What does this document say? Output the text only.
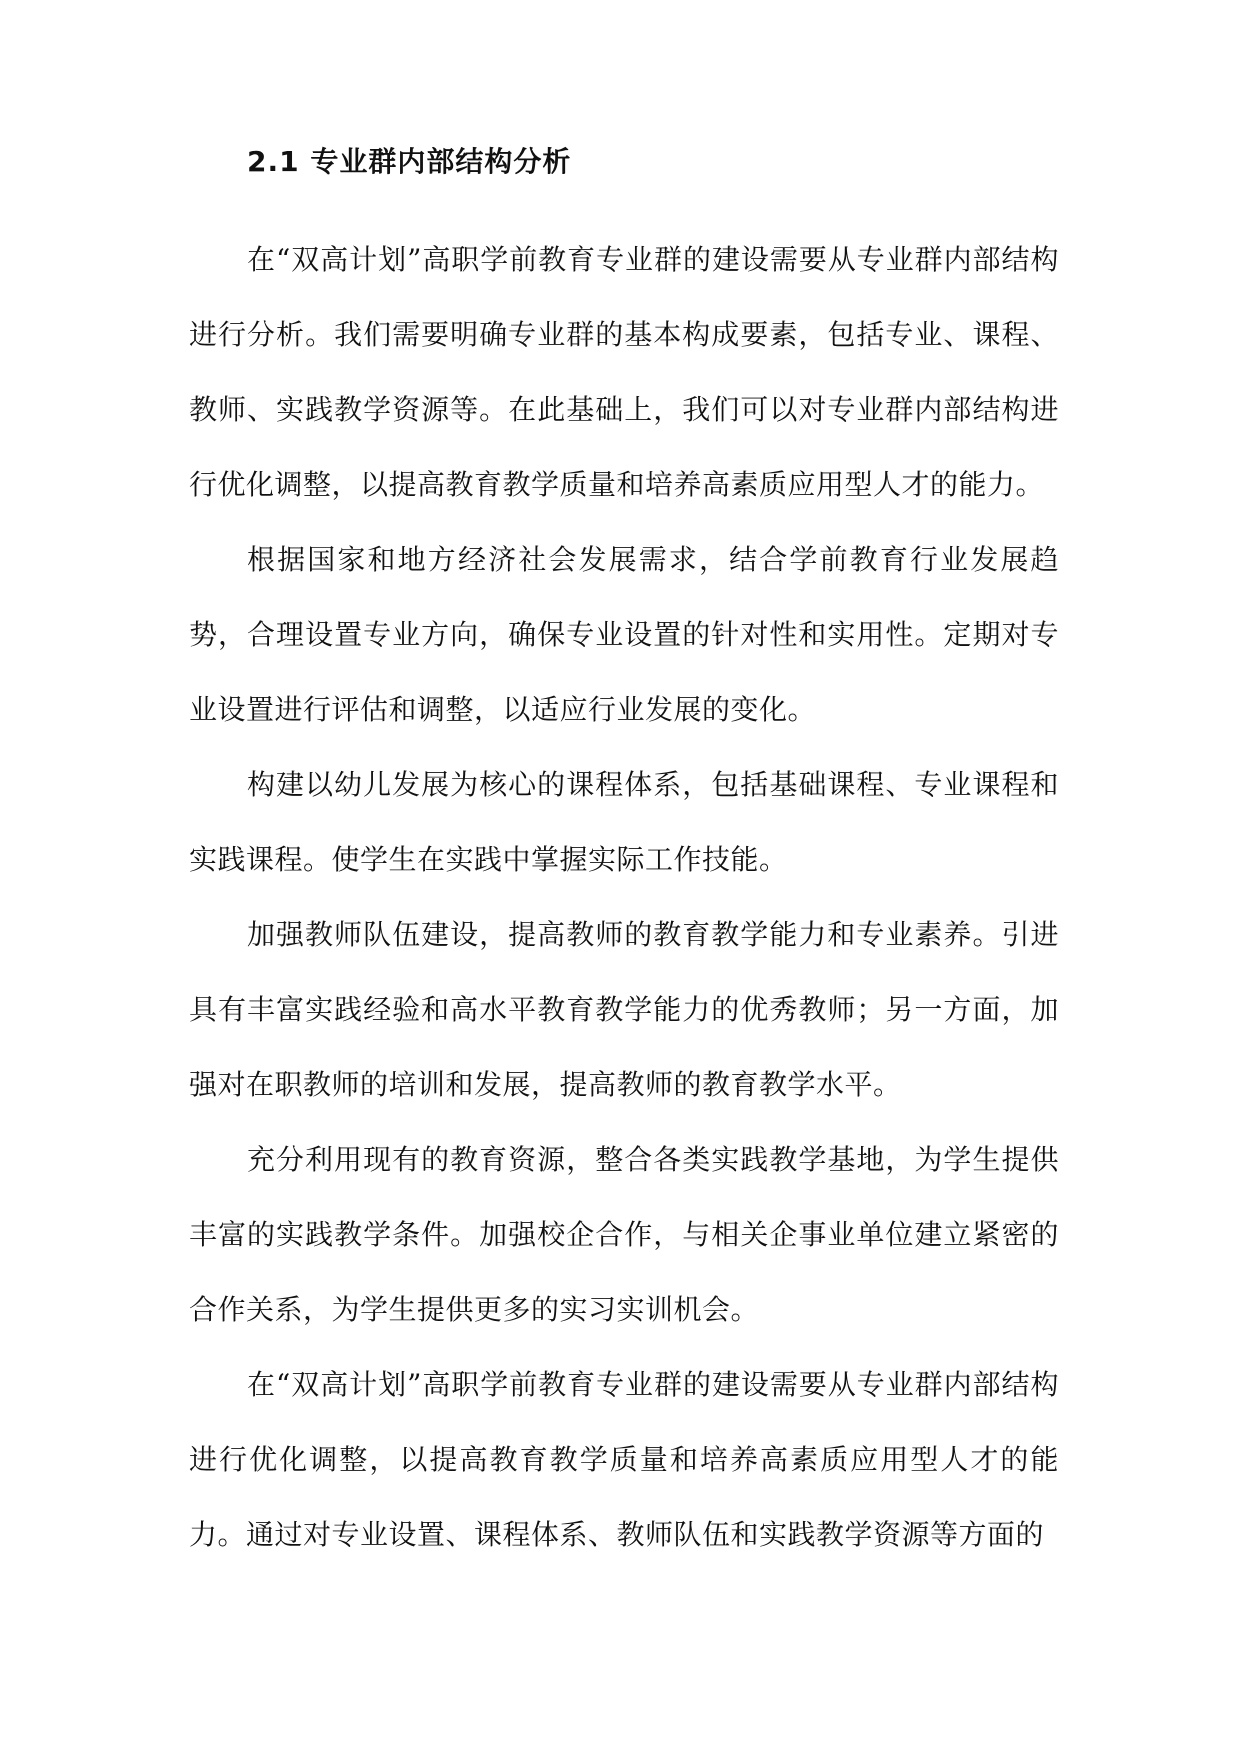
2.1 专业群内部结构分析

在“双高计划”高职学前教育专业群的建设需要从专业群内部结构进行分析。我们需要明确专业群的基本构成要素，包括专业、课程、教师、实践教学资源等。在此基础上，我们可以对专业群内部结构进行优化调整，以提高教育教学质量和培养高素质应用型人才的能力。

根据国家和地方经济社会发展需求，结合学前教育行业发展趋势，合理设置专业方向，确保专业设置的针对性和实用性。定期对专业设置进行评估和调整，以适应行业发展的变化。

构建以幼儿发展为核心的课程体系，包括基础课程、专业课程和实践课程。使学生在实践中掌握实际工作技能。

加强教师队伍建设，提高教师的教育教学能力和专业素养。引进具有丰富实践经验和高水平教育教学能力的优秀教师；另一方面，加强对在职教师的培训和发展，提高教师的教育教学水平。

充分利用现有的教育资源，整合各类实践教学基地，为学生提供丰富的实践教学条件。加强校企合作，与相关企事业单位建立紧密的合作关系，为学生提供更多的实习实训机会。

在“双高计划”高职学前教育专业群的建设需要从专业群内部结构进行优化调整，以提高教育教学质量和培养高素质应用型人才的能力。通过对专业设置、课程体系、教师队伍和实践教学资源等方面的
